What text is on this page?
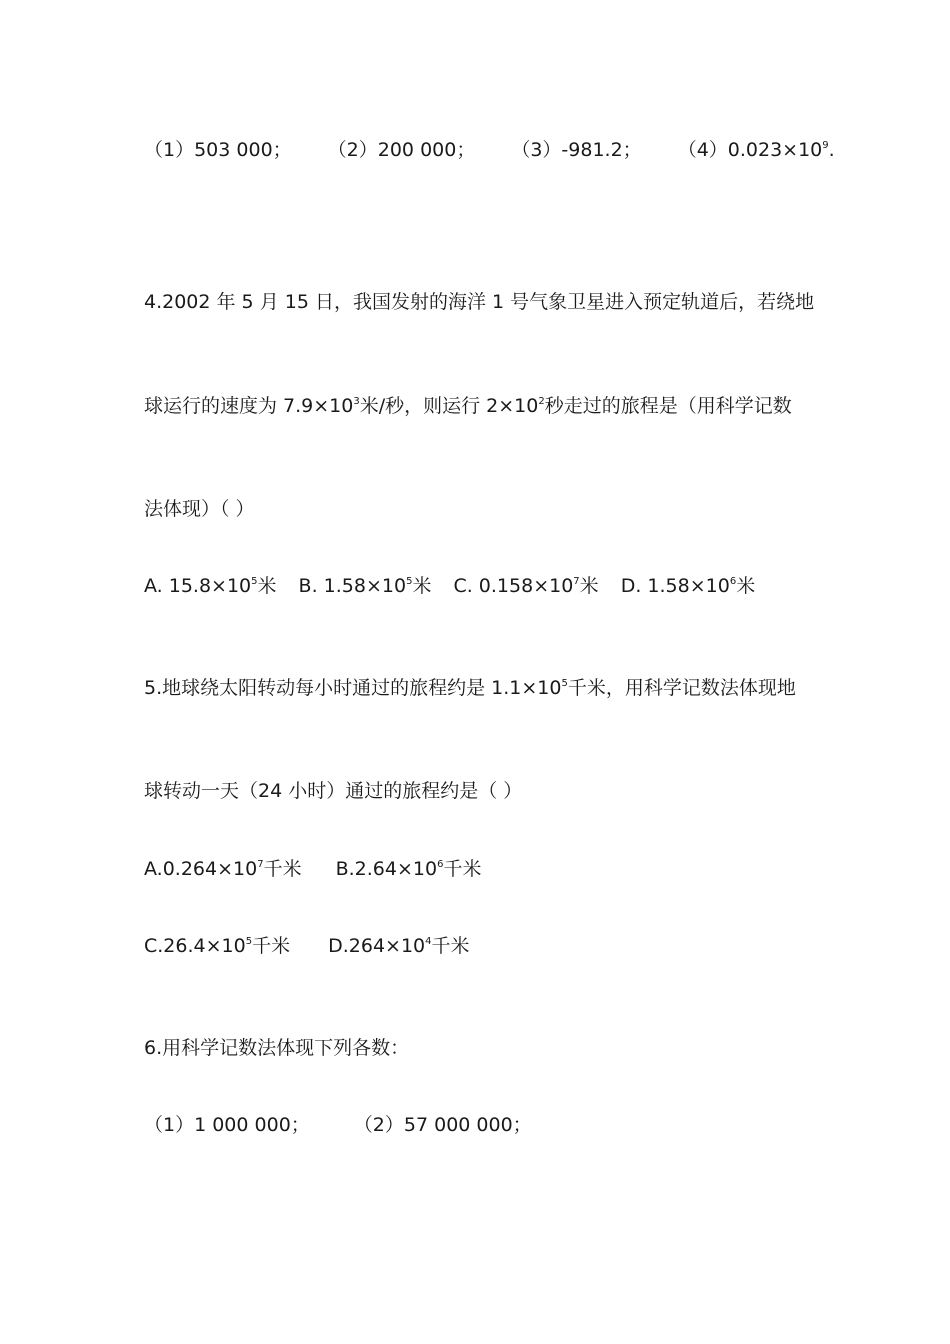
（1）503 000； （2）200 000； （3）-981.2； $(4)0.023\times 10^9$.
4.2002 年 5 月 15 日，我国发射的海洋 1 号气象卫星进入预定轨道后，若绕地
球运行的速度为 $7.9\times 10^3$米/秒，则运行 $2\times 10^2$秒走过的旅程是（用科学记数
法体现）（ ）
A. $15.8\times 10^5$米 B. $1.58\times 10^5$米 C. $0.158\times 10^7$米 D. $1.58\times 10^6$米
5.地球绕太阳转动每小时通过的旅程约是 $1.1\times 10^5$千米，用科学记数法体现地
球转动一天（24 小时）通过的旅程约是（ ）
$A.0.264\times 10^7$千米 $B.2.64\times 10^6$千米
$C.26.4\times 10^5$千米 $D.264\times 10^4$千米
6.用科学记数法体现下列各数：
（1）1 000 000； （2）57 000 000；
